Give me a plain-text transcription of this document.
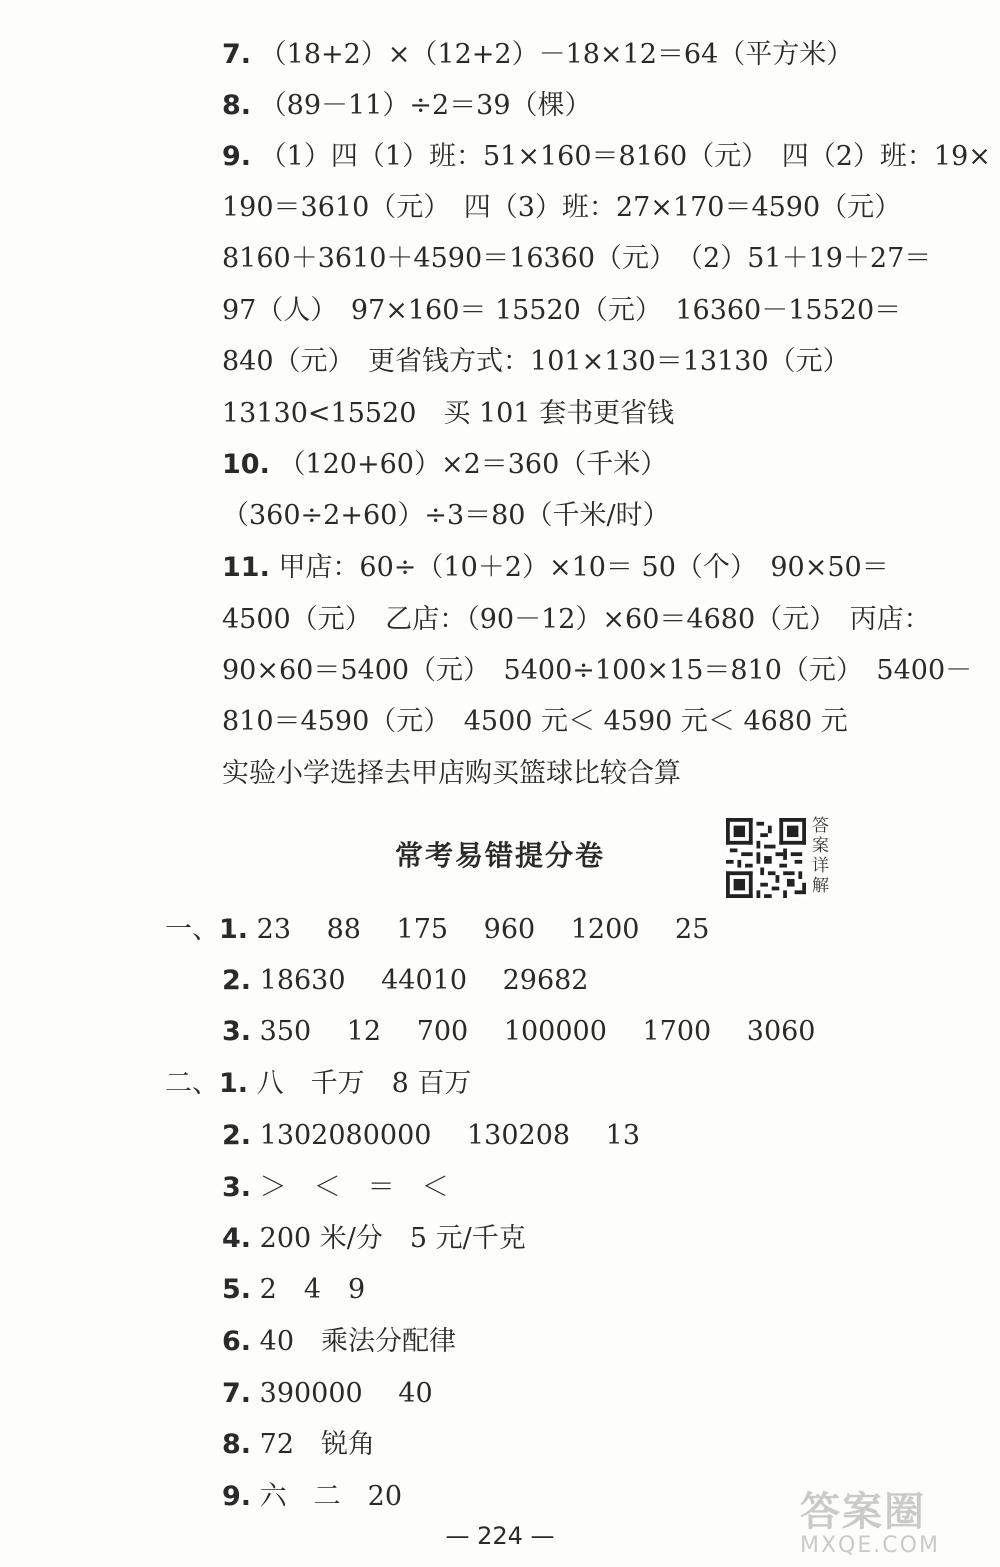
7. （18+2）×（12+2）－18×12＝64（平方米）
8. （89－11）÷2＝39（棵）
9. （1）四（1）班：51×160＝8160（元）　四（2）班：19×
190＝3610（元）　四（3）班：27×170＝4590（元）
8160＋3610＋4590＝16360（元）　（2）51＋19＋27＝
97（人）　97×160＝ 15520（元）　16360－15520＝
840（元）　更省钱方式：101×130＝13130（元）
13130<15520　买 101 套书更省钱
10. （120+60）×2＝360（千米）
（360÷2+60）÷3＝80（千米/时）
11. 甲店：60÷（10＋2）×10＝ 50（个）　90×50＝
4500（元）　乙店：（90－12）×60＝4680（元）　丙店：
90×60＝5400（元）　5400÷100×15＝810（元）　5400－
810＝4590（元）　4500 元＜ 4590 元＜ 4680 元
实验小学选择去甲店购买篮球比较合算
常考易错提分卷
答案详解
一、1. 23　 88　 175　 960　 1200　 25
2. 18630　 44010　 29682
3. 350　 12　 700　 100000　 1700　 3060
二、1. 八　千万　8 百万
2. 1302080000　 130208　 13
3. ＞　＜　＝　＜
4. 200 米/分　5 元/千克
5. 2　4　9
6. 40　乘法分配律
7. 390000　 40
8. 72　锐角
9. 六　二　20
— 224 —
答案圈
MXQE.COM
